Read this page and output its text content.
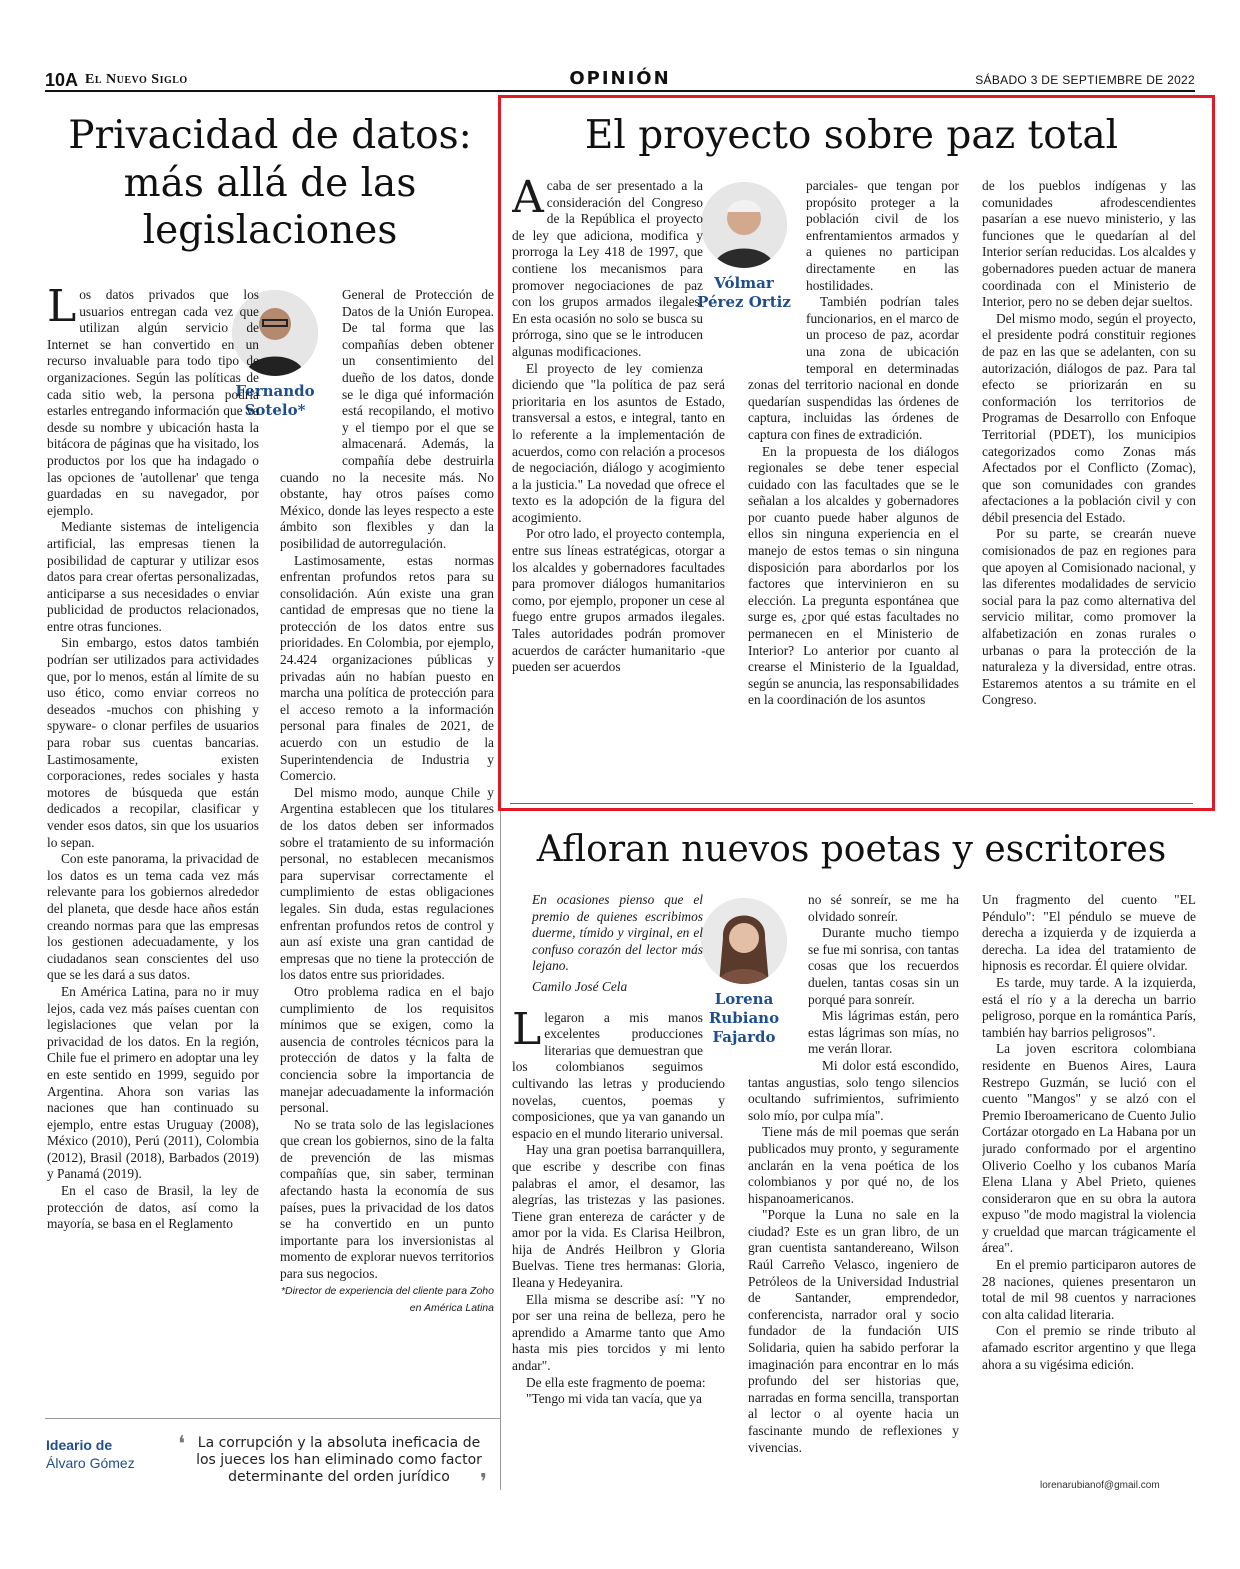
10A El Nuevo Siglo	OPINIÓN	SÁBADO 3 DE SEPTIEMBRE DE 2022
Privacidad de datos: más allá de las legislaciones
Fernando Sotelo*

Los datos privados que los usuarios entregan cada vez que utilizan algún servicio de Internet se han convertido en un recurso invaluable para todo tipo de organizaciones. Según las políticas de cada sitio web, la persona podría estarles entregando información que va desde su nombre y ubicación hasta la bitácora de páginas que ha visitado, los productos por los que ha indagado o las opciones de 'autollenar' que tenga guardadas en su navegador, por ejemplo.

Mediante sistemas de inteligencia artificial, las empresas tienen la posibilidad de capturar y utilizar esos datos para crear ofertas personalizadas, anticiparse a sus necesidades o enviar publicidad de productos relacionados, entre otras funciones.

Sin embargo, estos datos también podrían ser utilizados para actividades que, por lo menos, están al límite de su uso ético, como enviar correos no deseados -muchos con phishing y spyware- o clonar perfiles de usuarios para robar sus cuentas bancarias. Lastimosamente, existen corporaciones, redes sociales y hasta motores de búsqueda que están dedicados a recopilar, clasificar y vender esos datos, sin que los usuarios lo sepan.

Con este panorama, la privacidad de los datos es un tema cada vez más relevante para los gobiernos alrededor del planeta, que desde hace años están creando normas para que las empresas los gestionen adecuadamente, y los ciudadanos sean conscientes del uso que se les dará a sus datos.

En América Latina, para no ir muy lejos, cada vez más países cuentan con legislaciones que velan por la privacidad de los datos. En la región, Chile fue el primero en adoptar una ley en este sentido en 1999, seguido por Argentina. Ahora son varias las naciones que han continuado su ejemplo, entre estas Uruguay (2008), México (2010), Perú (2011), Colombia (2012), Brasil (2018), Barbados (2019) y Panamá (2019).

En el caso de Brasil, la ley de protección de datos, así como la mayoría, se basa en el Reglamento

General de Protección de Datos de la Unión Europea. De tal forma que las compañías deben obtener un consentimiento del dueño de los datos, donde se le diga qué información está recopilando, el motivo y el tiempo por el que se almacenará. Además, la compañía debe destruirla cuando no la necesite más. No obstante, hay otros países como México, donde las leyes respecto a este ámbito son flexibles y dan la posibilidad de autorregulación.

Lastimosamente, estas normas enfrentan profundos retos para su consolidación. Aún existe una gran cantidad de empresas que no tiene la protección de los datos entre sus prioridades. En Colombia, por ejemplo, 24.424 organizaciones públicas y privadas aún no habían puesto en marcha una política de protección para el acceso remoto a la información personal para finales de 2021, de acuerdo con un estudio de la Superintendencia de Industria y Comercio.

Del mismo modo, aunque Chile y Argentina establecen que los titulares de los datos deben ser informados sobre el tratamiento de su información personal, no establecen mecanismos para supervisar correctamente el cumplimiento de estas obligaciones legales. Sin duda, estas regulaciones enfrentan profundos retos de control y aun así existe una gran cantidad de empresas que no tiene la protección de los datos entre sus prioridades.

Otro problema radica en el bajo cumplimiento de los requisitos mínimos que se exigen, como la ausencia de controles técnicos para la protección de datos y la falta de conciencia sobre la importancia de manejar adecuadamente la información personal.

No se trata solo de las legislaciones que crean los gobiernos, sino de la falta de prevención de las mismas compañías que, sin saber, terminan afectando hasta la economía de sus países, pues la privacidad de los datos se ha convertido en un punto importante para los inversionistas al momento de explorar nuevos territorios para sus negocios.

*Director de experiencia del cliente para Zoho en América Latina

Ideario de
Álvaro Gómez
❛ La corrupción y la absoluta ineficacia de los jueces los han eliminado como factor determinante del orden jurídico	❜
El proyecto sobre paz total
Vólmar Pérez Ortiz

Acaba de ser presentado a la consideración del Congreso de la República el proyecto de ley que adiciona, modifica y prorroga la Ley 418 de 1997, que contiene los mecanismos para promover negociaciones de paz con los grupos armados ilegales. En esta ocasión no solo se busca su prórroga, sino que se le introducen algunas modificaciones.

El proyecto de ley comienza diciendo que "la política de paz será prioritaria en los asuntos de Estado, transversal a estos, e integral, tanto en lo referente a la implementación de acuerdos, como con relación a procesos de negociación, diálogo y acogimiento a la justicia." La novedad que ofrece el texto es la adopción de la figura del acogimiento.

Por otro lado, el proyecto contempla, entre sus líneas estratégicas, otorgar a los alcaldes y gobernadores facultades para promover diálogos humanitarios como, por ejemplo, proponer un cese al fuego entre grupos armados ilegales. Tales autoridades podrán promover acuerdos de carácter humanitario -que pueden ser acuerdos

parciales- que tengan por propósito proteger a la población civil de los enfrentamientos armados y a quienes no participan directamente en las hostilidades.

También podrían tales funcionarios, en el marco de un proceso de paz, acordar una zona de ubicación temporal en determinadas zonas del territorio nacional en donde quedarían suspendidas las órdenes de captura, incluidas las órdenes de captura con fines de extradición.

En la propuesta de los diálogos regionales se debe tener especial cuidado con las facultades que se le señalan a los alcaldes y gobernadores por cuanto puede haber algunos de ellos sin ninguna experiencia en el manejo de estos temas o sin ninguna disposición para abordarlos por los factores que intervinieron en su elección. La pregunta espontánea que surge es, ¿por qué estas facultades no permanecen en el Ministerio de Interior? Lo anterior por cuanto al crearse el Ministerio de la Igualdad, según se anuncia, las responsabilidades en la coordinación de los asuntos

de los pueblos indígenas y las comunidades afrodescendientes pasarían a ese nuevo ministerio, y las funciones que le quedarían al del Interior serían reducidas. Los alcaldes y gobernadores pueden actuar de manera coordinada con el Ministerio de Interior, pero no se deben dejar sueltos.

Del mismo modo, según el proyecto, el presidente podrá constituir regiones de paz en las que se adelanten, con su autorización, diálogos de paz. Para tal efecto se priorizarán en su conformación los territorios de Programas de Desarrollo con Enfoque Territorial (PDET), los municipios categorizados como Zonas más Afectados por el Conflicto (Zomac), que son comunidades con grandes afectaciones a la población civil y con débil presencia del Estado.

Por su parte, se crearán nueve comisionados de paz en regiones para que apoyen al Comisionado nacional, y las diferentes modalidades de servicio social para la paz como alternativa del servicio militar, como promover la alfabetización en zonas rurales o urbanas o para la protección de la naturaleza y la diversidad, entre otras. Estaremos atentos a su trámite en el Congreso.

Afloran nuevos poetas y escritores
Lorena Rubiano Fajardo

En ocasiones pienso que el premio de quienes escribimos duerme, tímido y virginal, en el confuso corazón del lector más lejano.

Camilo José Cela

Llegaron a mis manos excelentes producciones literarias que demuestran que los colombianos seguimos cultivando las letras y produciendo novelas, cuentos, poemas y composiciones, que ya van ganando un espacio en el mundo literario universal.

Hay una gran poetisa barranquillera, que escribe y describe con finas palabras el amor, el desamor, las alegrías, las tristezas y las pasiones. Tiene gran entereza de carácter y de amor por la vida. Es Clarisa Heilbron, hija de Andrés Heilbron y Gloria Buelvas. Tiene tres hermanas: Gloria, Ileana y Hedeyanira.

Ella misma se describe así: "Y no por ser una reina de belleza, pero he aprendido a Amarme tanto que Amo hasta mis pies torcidos y mi lento andar".

De ella este fragmento de poema:

"Tengo mi vida tan vacía, que ya

no sé sonreír, se me ha olvidado sonreír.

Durante mucho tiempo se fue mi sonrisa, con tantas cosas que los recuerdos duelen, tantas cosas sin un porqué para sonreír.

Mis lágrimas están, pero estas lágrimas son mías, no me verán llorar.

Mi dolor está escondido, tantas angustias, solo tengo silencios ocultando sufrimientos, sufrimiento solo mío, por culpa mía".

Tiene más de mil poemas que serán publicados muy pronto, y seguramente anclarán en la vena poética de los colombianos y por qué no, de los hispanoamericanos.

"Porque la Luna no sale en la ciudad? Este es un gran libro, de un gran cuentista santandereano, Wilson Raúl Carreño Velasco, ingeniero de Petróleos de la Universidad Industrial de Santander, emprendedor, conferencista, narrador oral y socio fundador de la fundación UIS Solidaria, quien ha sabido perforar la imaginación para encontrar en lo más profundo del ser historias que, narradas en forma sencilla, transportan al lector o al oyente hacia un fascinante mundo de reflexiones y vivencias.

Un fragmento del cuento "EL Péndulo": "El péndulo se mueve de derecha a izquierda y de izquierda a derecha. La idea del tratamiento de hipnosis es recordar. Él quiere olvidar.

Es tarde, muy tarde. A la izquierda, está el río y a la derecha un barrio peligroso, porque en la romántica París, también hay barrios peligrosos".

La joven escritora colombiana residente en Buenos Aires, Laura Restrepo Guzmán, se lució con el cuento "Mangos" y se alzó con el Premio Iberoamericano de Cuento Julio Cortázar otorgado en La Habana por un jurado conformado por el argentino Oliverio Coelho y los cubanos María Elena Llana y Abel Prieto, quienes consideraron que en su obra la autora expuso "de modo magistral la violencia y crueldad que marcan trágicamente el área".

En el premio participaron autores de 28 naciones, quienes presentaron un total de mil 98 cuentos y narraciones con alta calidad literaria.

Con el premio se rinde tributo al afamado escritor argentino y que llega ahora a su vigésima edición.

lorenarubianof@gmail.com
